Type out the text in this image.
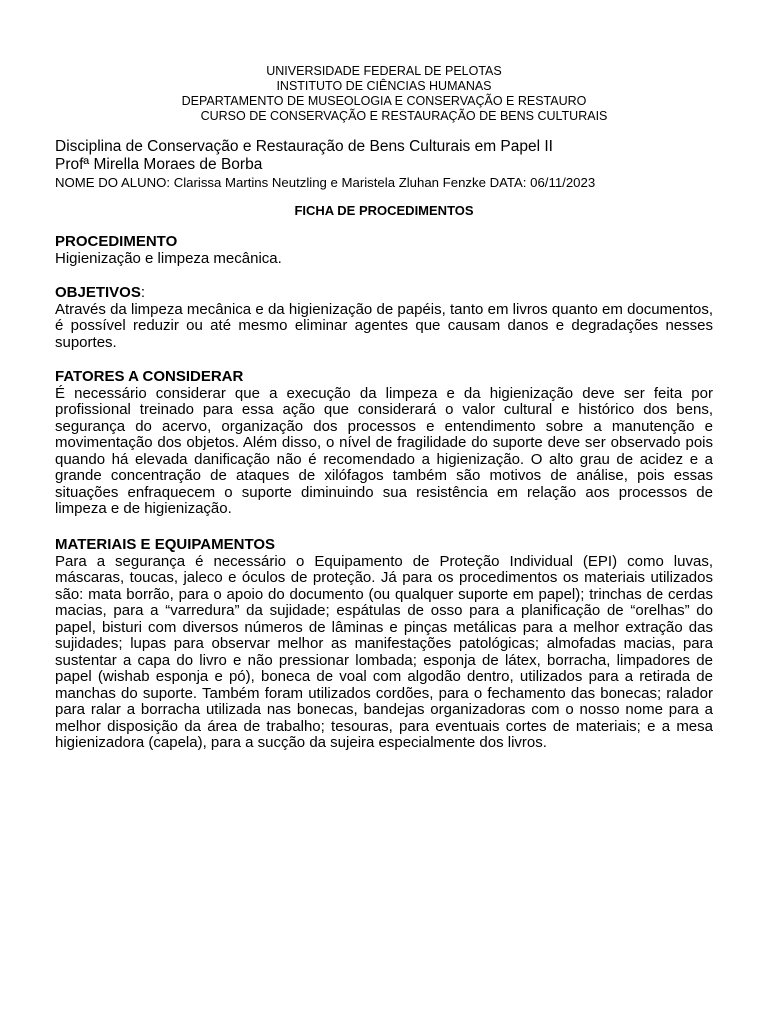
UNIVERSIDADE FEDERAL DE PELOTAS
INSTITUTO DE CIÊNCIAS HUMANAS
DEPARTAMENTO DE MUSEOLOGIA E CONSERVAÇÃO E RESTAURO
CURSO DE CONSERVAÇÃO E RESTAURAÇÃO DE BENS CULTURAIS
Disciplina de Conservação e Restauração de Bens Culturais em Papel II
Profª Mirella Moraes de Borba
NOME DO ALUNO: Clarissa Martins Neutzling e Maristela Zluhan Fenzke DATA: 06/11/2023
FICHA DE PROCEDIMENTOS
PROCEDIMENTO

Higienização e limpeza mecânica.

OBJETIVOS:

Através da limpeza mecânica e da higienização de papéis, tanto em livros quanto em documentos, é possível reduzir ou até mesmo eliminar agentes que causam danos e degradações nesses suportes.

FATORES A CONSIDERAR

É necessário considerar que a execução da limpeza e da higienização deve ser feita por profissional treinado para essa ação que considerará o valor cultural e histórico dos bens, segurança do acervo, organização dos processos e entendimento sobre a manutenção e movimentação dos objetos. Além disso, o nível de fragilidade do suporte deve ser observado pois quando há elevada danificação não é recomendado a higienização. O alto grau de acidez e a grande concentração de ataques de xilófagos também são motivos de análise, pois essas situações enfraquecem o suporte diminuindo sua resistência em relação aos processos de limpeza e de higienização.

MATERIAIS E EQUIPAMENTOS

Para a segurança é necessário o Equipamento de Proteção Individual (EPI) como luvas, máscaras, toucas, jaleco e óculos de proteção. Já para os procedimentos os materiais utilizados são: mata borrão, para o apoio do documento (ou qualquer suporte em papel); trinchas de cerdas macias, para a “varredura” da sujidade; espátulas de osso para a planificação de “orelhas” do papel, bisturi com diversos números de lâminas e pinças metálicas para a melhor extração das sujidades; lupas para observar melhor as manifestações patológicas; almofadas macias, para sustentar a capa do livro e não pressionar lombada; esponja de látex, borracha, limpadores de papel (wishab esponja e pó), boneca de voal com algodão dentro, utilizados para a retirada de manchas do suporte. Também foram utilizados cordões, para o fechamento das bonecas; ralador para ralar a borracha utilizada nas bonecas, bandejas organizadoras com o nosso nome para a melhor disposição da área de trabalho; tesouras, para eventuais cortes de materiais; e a mesa higienizadora (capela), para a sucção da sujeira especialmente dos livros.
